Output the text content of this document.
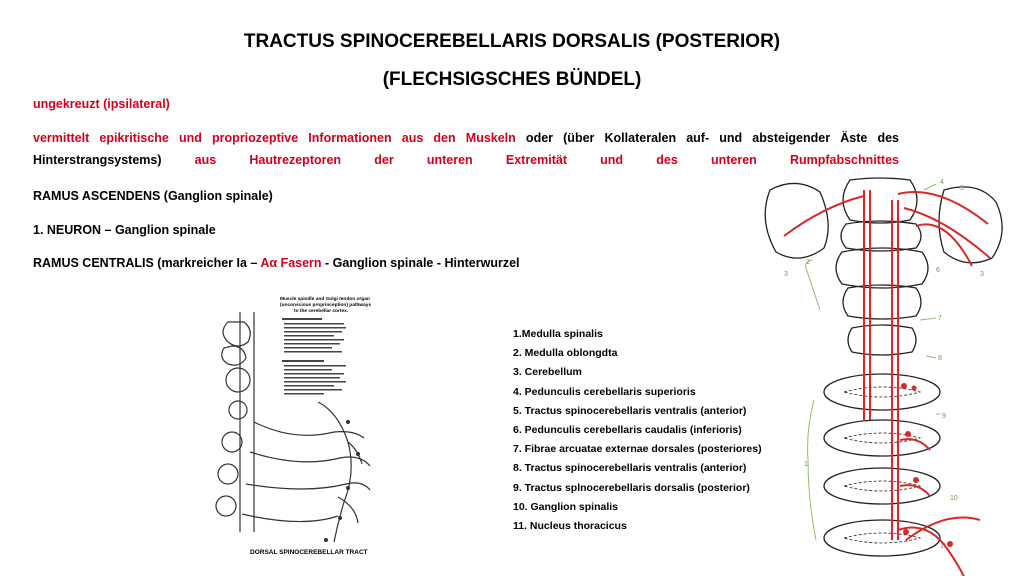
TRACTUS SPINOCEREBELLARIS DORSALIS (POSTERIOR)
(FLECHSIGSCHES BÜNDEL)
ungekreuzt (ipsilateral)
vermittelt epikritische und propriozeptive Informationen aus den Muskeln oder (über Kollateralen auf- und absteigender Äste des Hinterstrangsystems) aus Hautrezeptoren der unteren Extremität und des unteren Rumpfabschnittes
RAMUS ASCENDENS (Ganglion spinale)
1. NEURON – Ganglion spinale
RAMUS CENTRALIS (markreicher Ia – Aα Fasern - Ganglion spinale - Hinterwurzel
1.Medulla spinalis
2. Medulla oblongdta
3. Cerebellum
4. Pedunculis cerebellaris superioris
5. Tractus spinocerebellaris ventralis (anterior)
6. Pedunculis cerebellaris caudalis (inferioris)
7. Fibrae arcuatae externae dorsales (posteriores)
8. Tractus spinocerebellaris ventralis (anterior)
9. Tractus splnocerebellaris dorsalis (posterior)
10. Ganglion spinalis
11. Nucleus thoracicus
Muscle spindle and Golgi tendon organ
(unconscious proprioception) pathways
to the cerebellar cortex.
DORSAL SPINOCEREBELLAR TRACT
4
5
2
3
6
3
7
8
9
1
10
11
